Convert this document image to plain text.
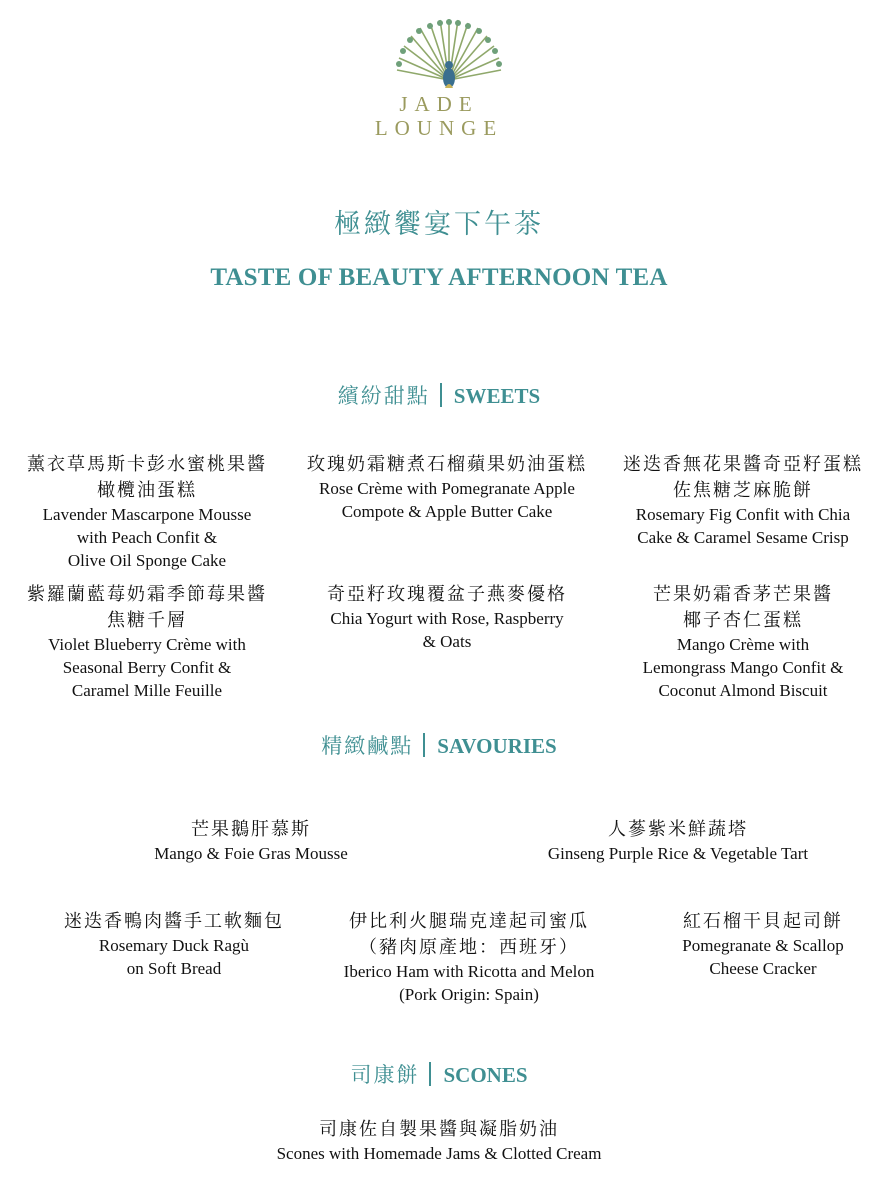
JADE
LOUNGE
極緻饗宴下午茶
TASTE OF BEAUTY AFTERNOON TEA
繽紛甜點 SWEETS
薰衣草馬斯卡彭水蜜桃果醬
橄欖油蛋糕
Lavender Mascarpone Mousse
with Peach Confit &
Olive Oil Sponge Cake
玫瑰奶霜糖煮石榴蘋果奶油蛋糕
Rose Crème with Pomegranate Apple
Compote & Apple Butter Cake
迷迭香無花果醬奇亞籽蛋糕
佐焦糖芝麻脆餅
Rosemary Fig Confit with Chia
Cake & Caramel Sesame Crisp
紫羅蘭藍莓奶霜季節莓果醬
焦糖千層
Violet Blueberry Crème with
Seasonal Berry Confit &
Caramel Mille Feuille
奇亞籽玫瑰覆盆子燕麥優格
Chia Yogurt with Rose, Raspberry
& Oats
芒果奶霜香茅芒果醬
椰子杏仁蛋糕
Mango Crème with
Lemongrass Mango Confit &
Coconut Almond Biscuit
精緻鹹點 SAVOURIES
芒果鵝肝慕斯
Mango & Foie Gras Mousse
人蔘紫米鮮蔬塔
Ginseng Purple Rice & Vegetable Tart
迷迭香鴨肉醬手工軟麵包
Rosemary Duck Ragù
on Soft Bread
伊比利火腿瑞克達起司蜜瓜
（豬肉原產地：西班牙）
Iberico Ham with Ricotta and Melon
(Pork Origin: Spain)
紅石榴干貝起司餅
Pomegranate & Scallop
Cheese Cracker
司康餅 SCONES
司康佐自製果醬與凝脂奶油
Scones with Homemade Jams & Clotted Cream
